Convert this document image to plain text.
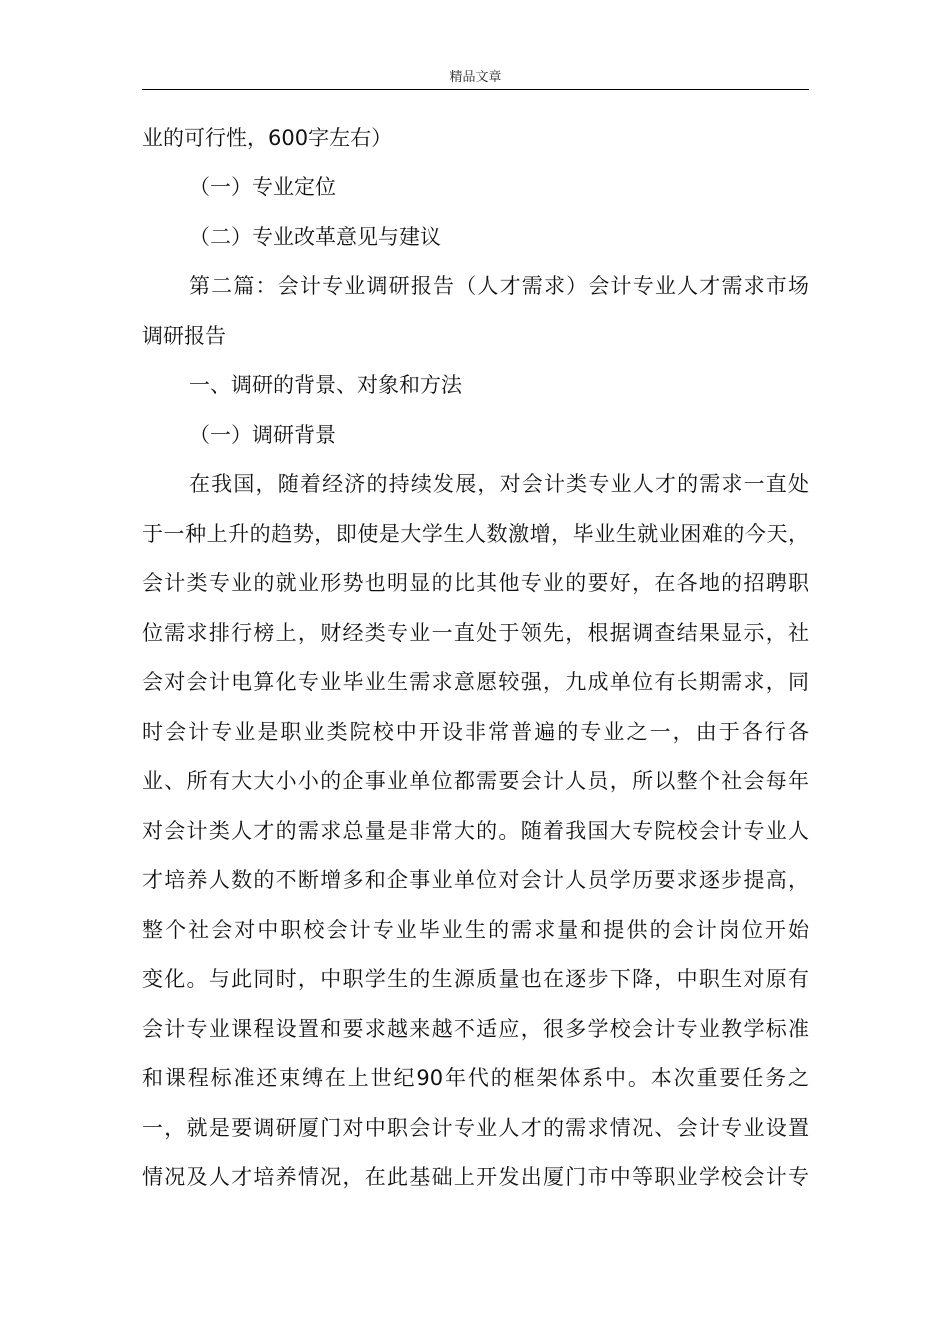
精品文章
业的可行性，600字左右）
（一）专业定位
（二）专业改革意见与建议
第二篇：会计专业调研报告（人才需求）会计专业人才需求市场
调研报告
一、调研的背景、对象和方法
（一）调研背景
在我国，随着经济的持续发展，对会计类专业人才的需求一直处
于一种上升的趋势，即使是大学生人数激增，毕业生就业困难的今天，
会计类专业的就业形势也明显的比其他专业的要好，在各地的招聘职
位需求排行榜上，财经类专业一直处于领先，根据调查结果显示，社
会对会计电算化专业毕业生需求意愿较强，九成单位有长期需求，同
时会计专业是职业类院校中开设非常普遍的专业之一，由于各行各
业、所有大大小小的企事业单位都需要会计人员，所以整个社会每年
对会计类人才的需求总量是非常大的。随着我国大专院校会计专业人
才培养人数的不断增多和企事业单位对会计人员学历要求逐步提高，
整个社会对中职校会计专业毕业生的需求量和提供的会计岗位开始
变化。与此同时，中职学生的生源质量也在逐步下降，中职生对原有
会计专业课程设置和要求越来越不适应，很多学校会计专业教学标准
和课程标准还束缚在上世纪90年代的框架体系中。本次重要任务之
一，就是要调研厦门对中职会计专业人才的需求情况、会计专业设置
情况及人才培养情况，在此基础上开发出厦门市中等职业学校会计专
